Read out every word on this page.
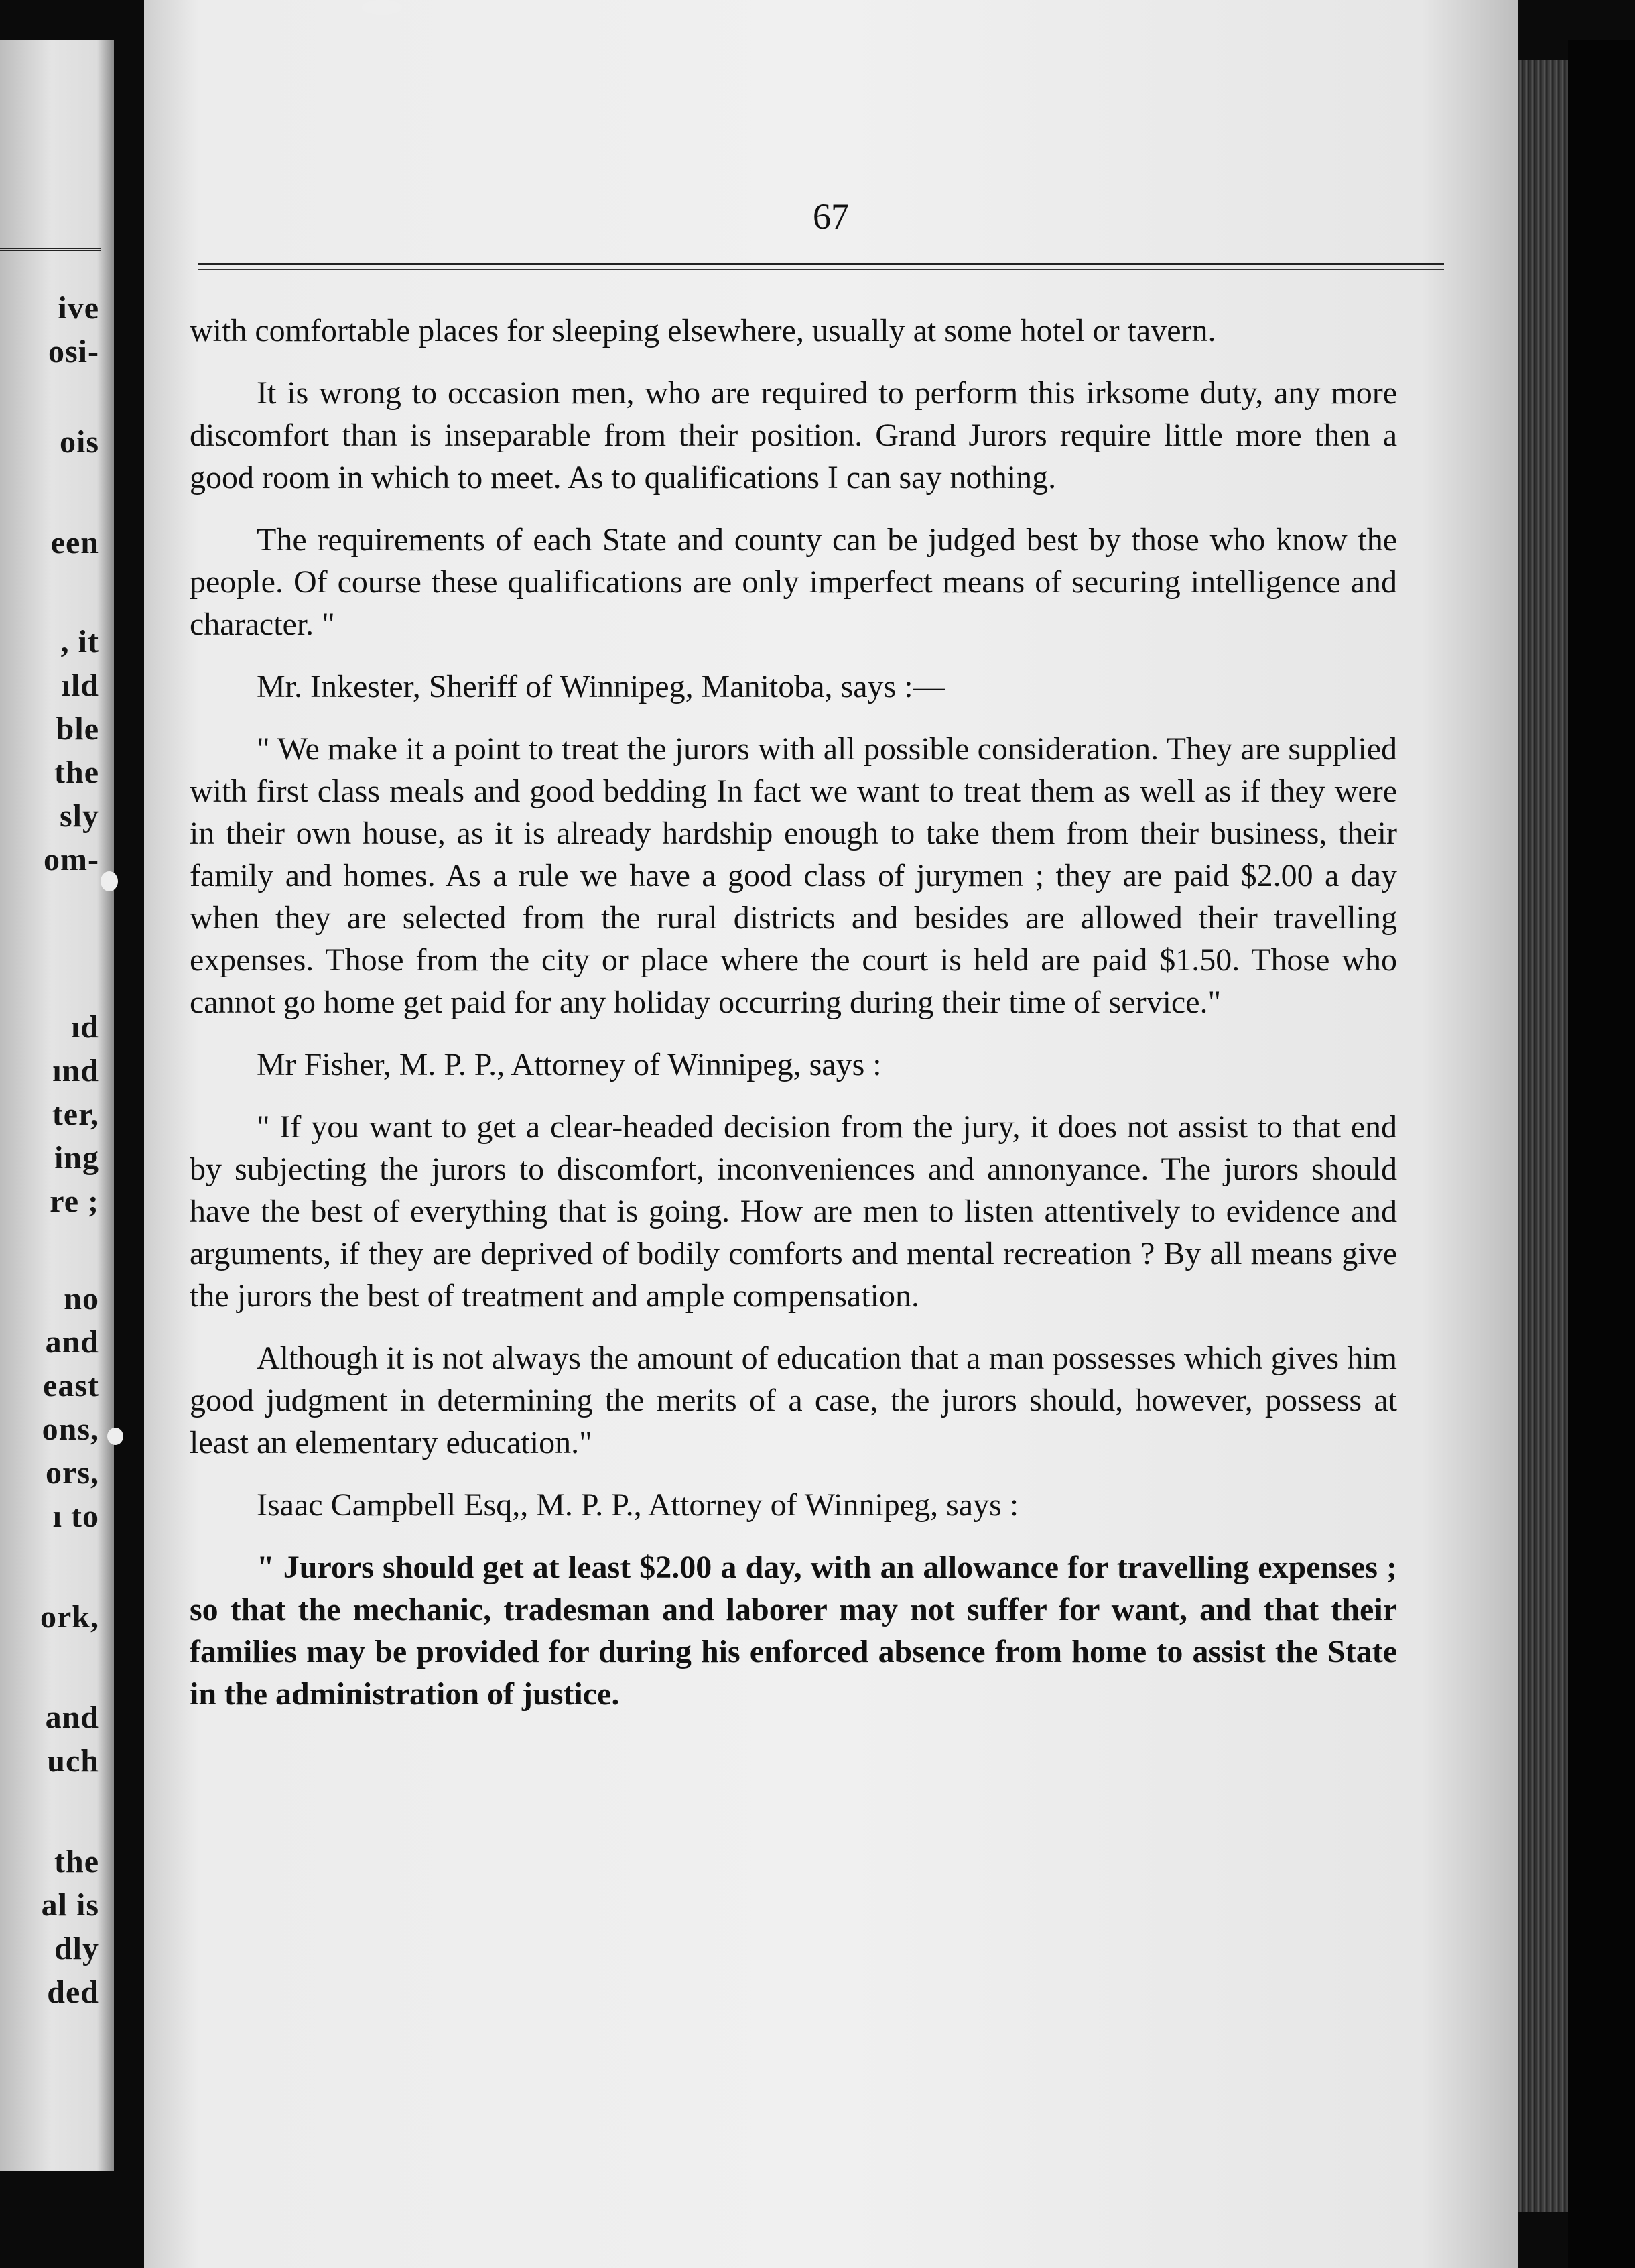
ive

osi-

ois

een

, it

ıld

ble

the

sly

om-

ıd

ınd

ter,

ing

re ;

no

and

east

ons,

ors,

ı to

ork,

and

uch

the

al is

dly

ded

67

with comfortable places for sleeping elsewhere, usually at some hotel or tavern.

It is wrong to occasion men, who are required to perform this irksome duty, any more discomfort than is inseparable from their position. Grand Jurors require little more then a good room in which to meet. As to qualifications I can say nothing.

The requirements of each State and county can be judged best by those who know the people. Of course these qualifications are only imperfect means of securing intelligence and character. "

Mr. Inkester, Sheriff of Winnipeg, Manitoba, says :—

" We make it a point to treat the jurors with all possible consideration. They are supplied with first class meals and good bedding In fact we want to treat them as well as if they were in their own house, as it is already hardship enough to take them from their business, their family and homes. As a rule we have a good class of jurymen ; they are paid $2.00 a day when they are selected from the rural districts and besides are allowed their travelling expenses. Those from the city or place where the court is held are paid $1.50. Those who cannot go home get paid for any holiday occurring during their time of service."

Mr Fisher, M. P. P., Attorney of Winnipeg, says :

" If you want to get a clear-headed decision from the jury, it does not assist to that end by subjecting the jurors to discomfort, inconveniences and annonyance. The jurors should have the best of everything that is going. How are men to listen attentively to evidence and arguments, if they are deprived of bodily comforts and mental recreation ? By all means give the jurors the best of treatment and ample compensation.

Although it is not always the amount of education that a man possesses which gives him good judgment in determining the merits of a case, the jurors should, however, possess at least an elementary education."

Isaac Campbell Esq,, M. P. P., Attorney of Winnipeg, says :

" Jurors should get at least $2.00 a day, with an allowance for travelling expenses ; so that the mechanic, tradesman and laborer may not suffer for want, and that their families may be provided for during his enforced absence from home to assist the State in the administration of justice.
